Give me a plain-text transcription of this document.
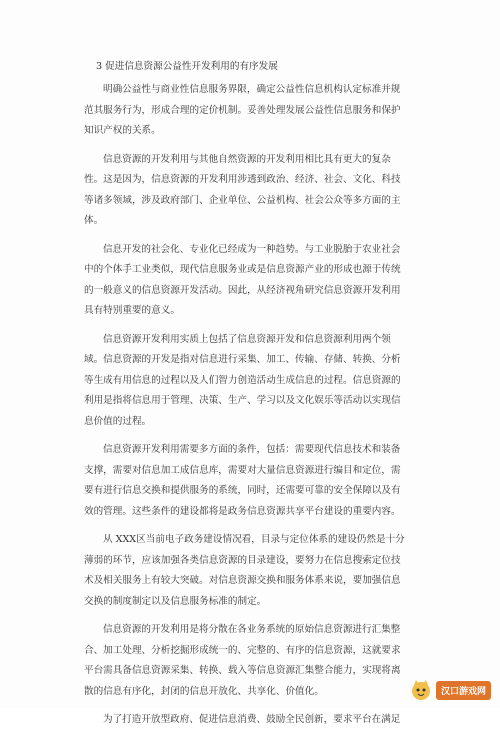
3 促进信息资源公益性开发利用的有序发展
明确公益性与商业性信息服务界限，确定公益性信息机构认定标准并规
范其服务行为，形成合理的定价机制。妥善处理发展公益性信息服务和保护
知识产权的关系。
信息资源的开发利用与其他自然资源的开发利用相比具有更大的复杂
性。这是因为，信息资源的开发利用涉透到政治、经济、社会、文化、科技
等诸多领域，涉及政府部门、企业单位、公益机构、社会公众等多方面的主
体。
信息开发的社会化、专业化已经成为一种趋势。与工业脱胎于农业社会
中的个体手工业类似，现代信息服务业或是信息资源产业的形成也源于传统
的一般意义的信息资源开发活动。因此，从经济视角研究信息资源开发利用
具有特别重要的意义。
信息资源开发利用实质上包括了信息资源开发和信息资源利用两个领
域。信息资源的开发是指对信息进行采集、加工、传输、存储、转换、分析
等生成有用信息的过程以及人们智力创造活动生成信息的过程。信息资源的
利用是指将信息用于管理、决策、生产、学习以及文化娱乐等活动以实现信
息价值的过程。
信息资源开发利用需要多方面的条件，包括：需要现代信息技术和装备
支撑，需要对信息加工成信息库，需要对大量信息资源进行编目和定位，需
要有进行信息交换和提供服务的系统，同时，还需要可靠的安全保障以及有
效的管理。这些条件的建设都将是政务信息资源共享平台建设的重要内容。
从 XXX区当前电子政务建设情况看，目录与定位体系的建设仍然是十分
薄弱的环节，应该加强各类信息资源的目录建设，要努力在信息搜索定位技
术及相关服务上有较大突破。对信息资源交换和服务体系来说，要加强信息
交换的制度制定以及信息服务标准的制定。
信息资源的开发利用是将分散在各业务系统的原始信息资源进行汇集整
合、加工处理、分析挖掘形成统一的、完整的、有序的信息资源，这就要求
平台需具备信息资源采集、转换、载入等信息资源汇集整合能力，实现将离
散的信息有序化，封闭的信息开放化、共享化、价值化。
为了打造开放型政府、促进信息消费、鼓励全民创新，要求平台在满足
汉口游戏网
